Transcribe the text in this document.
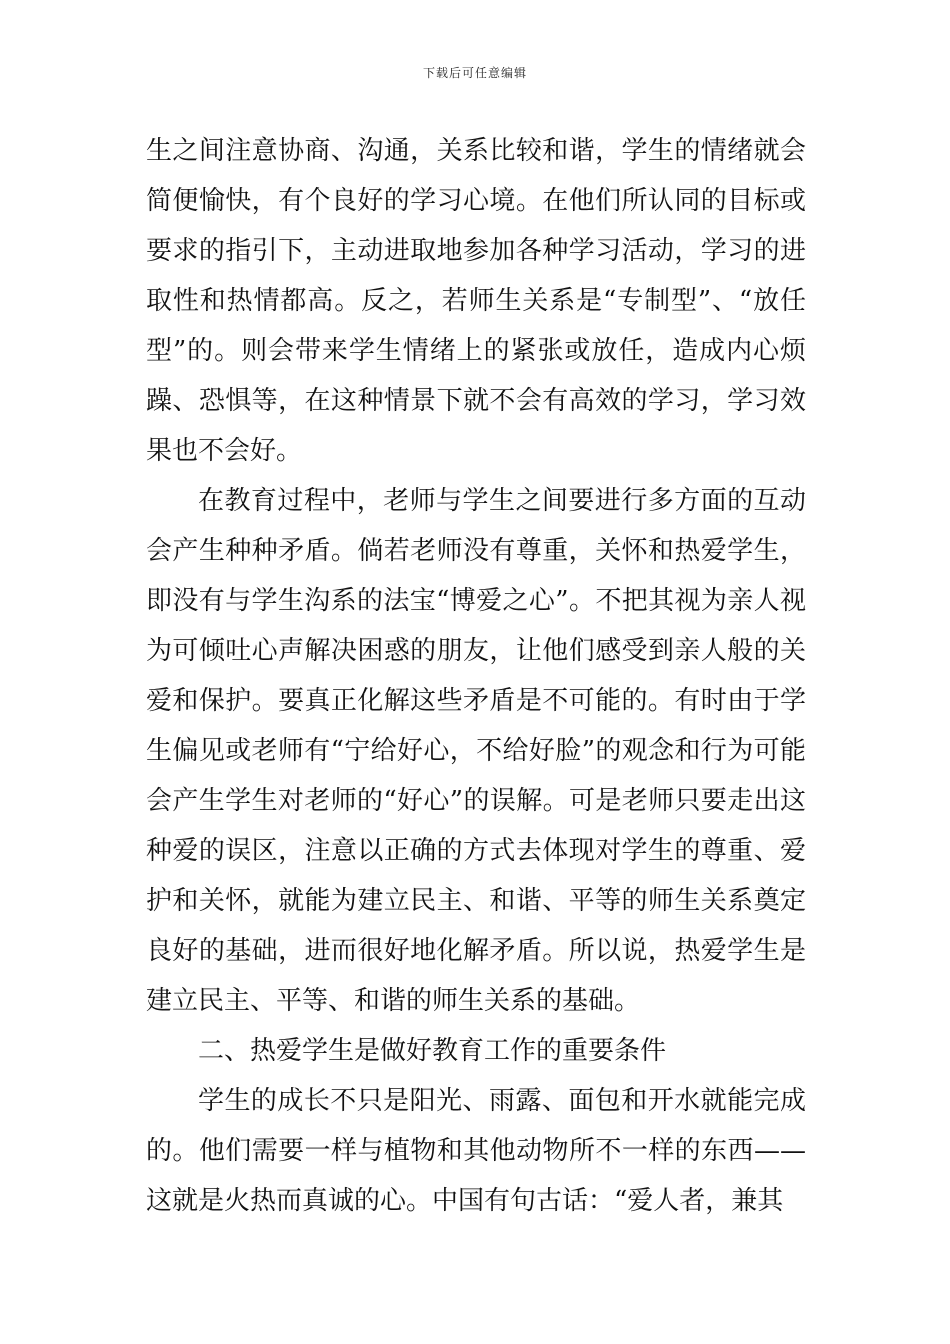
下载后可任意编辑

生之间注意协商、沟通，关系比较和谐，学生的情绪就会简便愉快，有个良好的学习心境。在他们所认同的目标或要求的指引下，主动进取地参加各种学习活动，学习的进取性和热情都高。反之，若师生关系是“专制型”、“放任型”的。则会带来学生情绪上的紧张或放任，造成内心烦躁、恐惧等，在这种情景下就不会有高效的学习，学习效果也不会好。

在教育过程中，老师与学生之间要进行多方面的互动会产生种种矛盾。倘若老师没有尊重，关怀和热爱学生，即没有与学生沟系的法宝“博爱之心”。不把其视为亲人视为可倾吐心声解决困惑的朋友，让他们感受到亲人般的关爱和保护。要真正化解这些矛盾是不可能的。有时由于学生偏见或老师有“宁给好心，不给好脸”的观念和行为可能会产生学生对老师的“好心”的误解。可是老师只要走出这种爱的误区，注意以正确的方式去体现对学生的尊重、爱护和关怀，就能为建立民主、和谐、平等的师生关系奠定良好的基础，进而很好地化解矛盾。所以说，热爱学生是建立民主、平等、和谐的师生关系的基础。

二、热爱学生是做好教育工作的重要条件

学生的成长不只是阳光、雨露、面包和开水就能完成的。他们需要一样与植物和其他动物所不一样的东西——这就是火热而真诚的心。中国有句古话：“爱人者，兼其
